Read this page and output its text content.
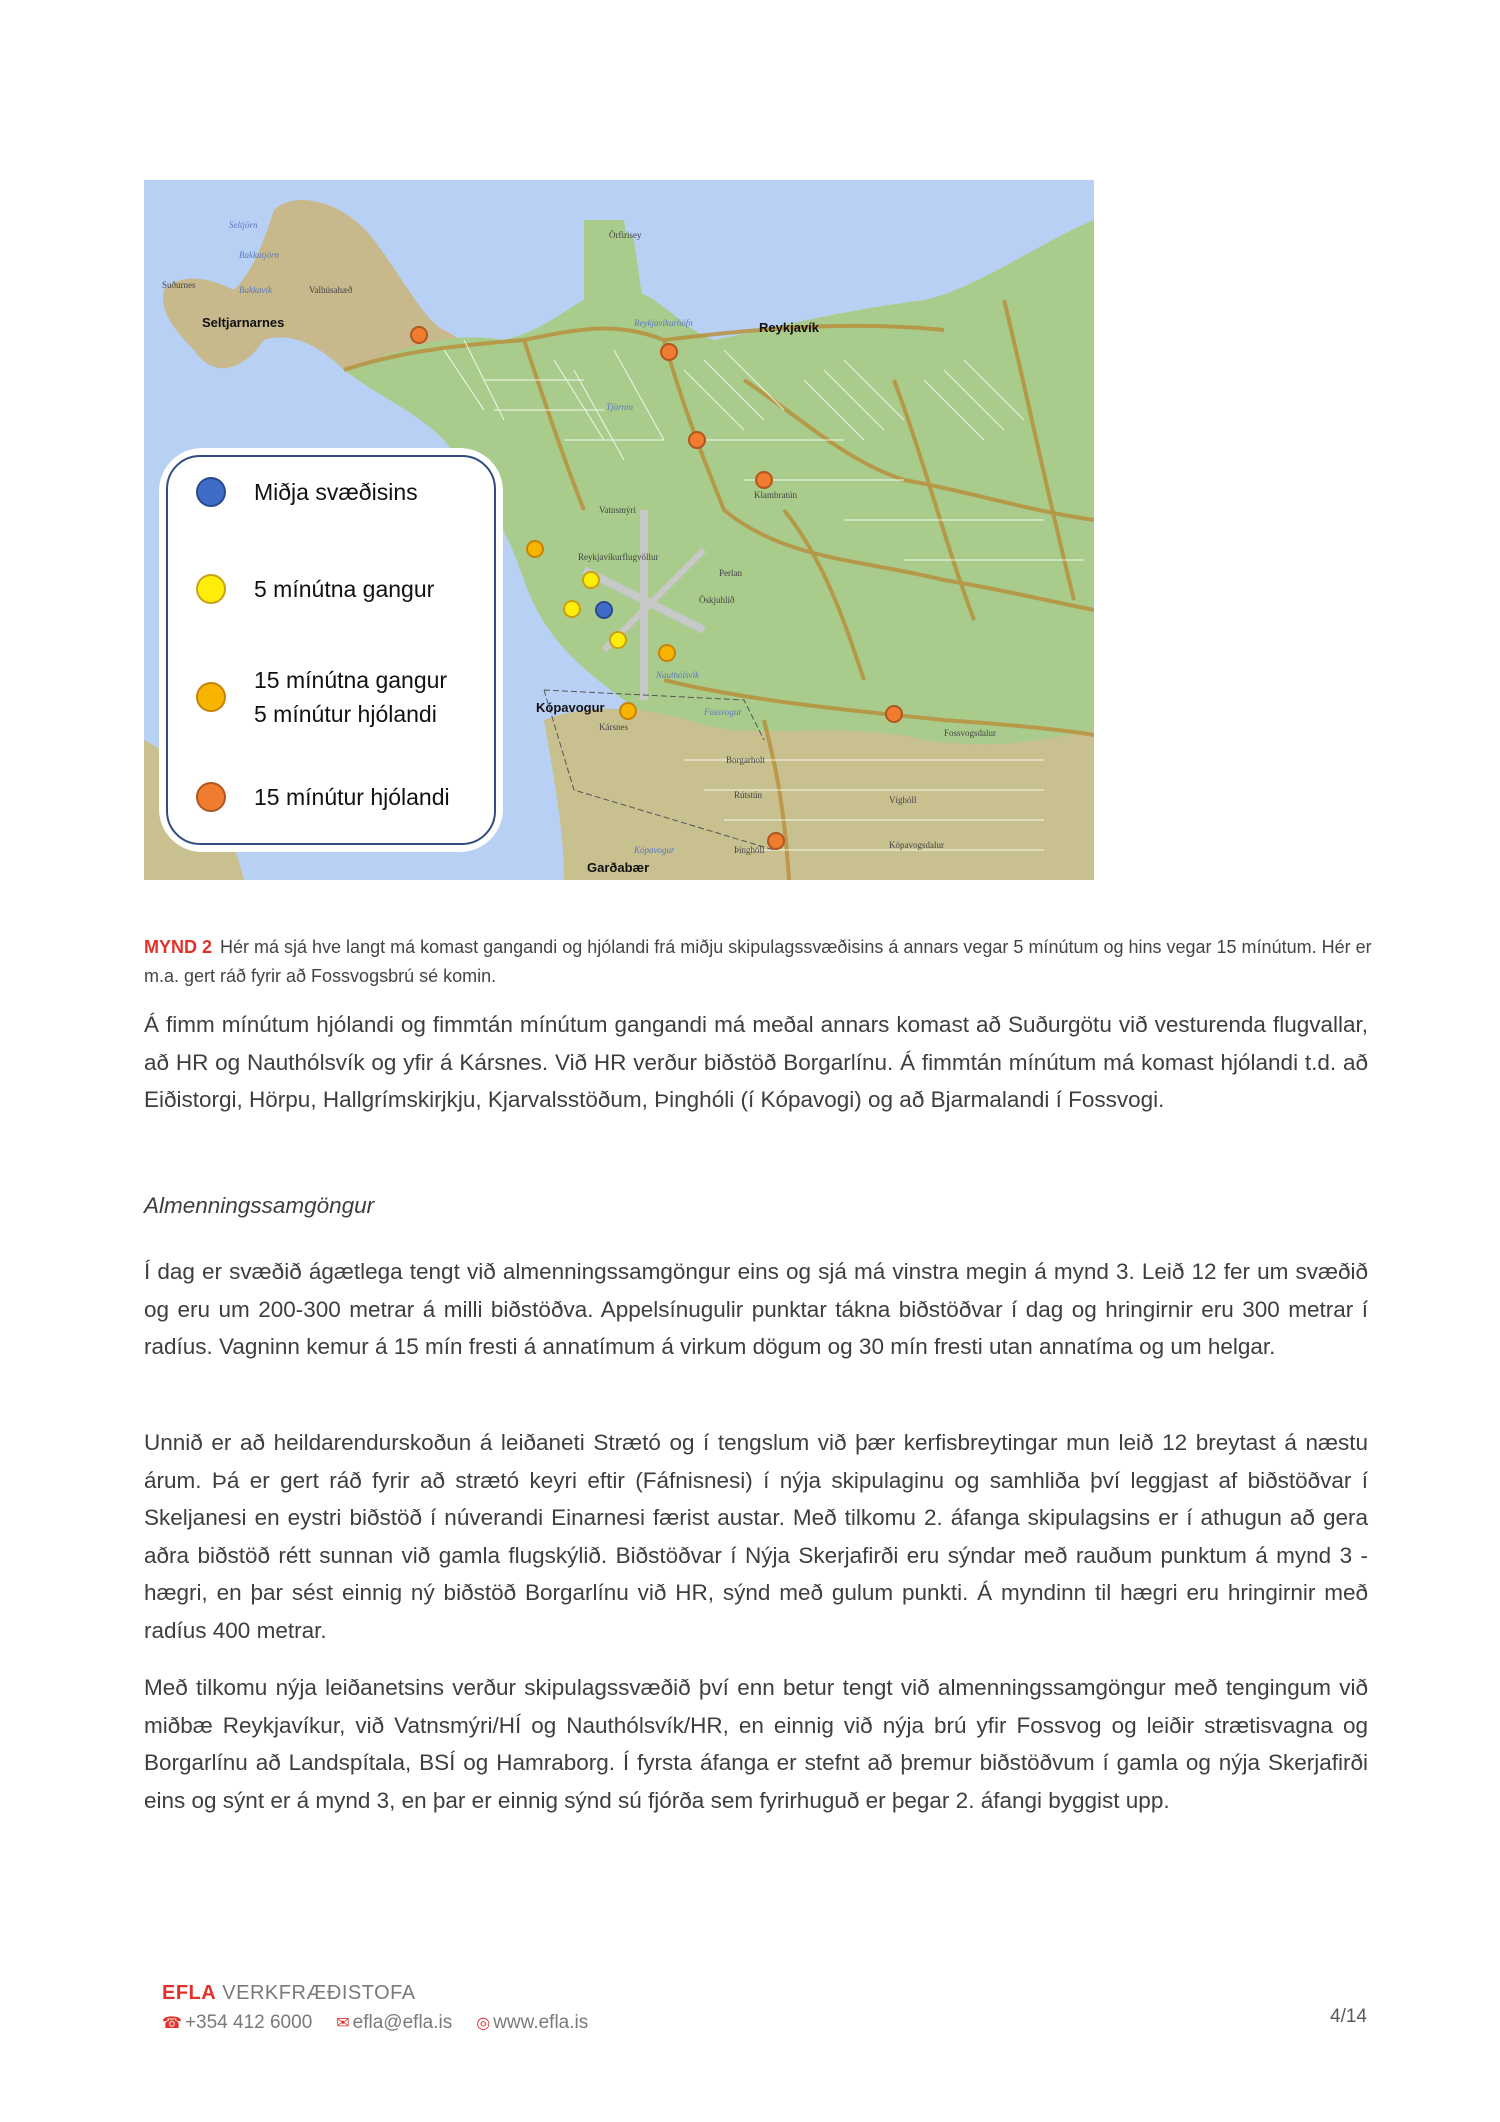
Seltjarnarnes	Reykjavík
Kópavogur
Garðabær
Suðurnes	Valhúsahæð
Örfirisey
Vatnsmýri
Reykjavíkurflugvöllur
Perlan
Öskjuhlíð
Klambratún
Kársnes
Borgarholt
Rútstún	Víghóll
Fossvogsdalur
Kópavogsdalur
Þinghóll
Seltjörn
Bakkatjörn
Bakkavík
Reykjavíkurhöfn
Tjörnin
Fossvogur
Nauthólsvík
Kópavogur
Miðja svæðisins
5 mínútna gangur
15 mínútna gangur
5 mínútur hjólandi
15 mínútur hjólandi
MYND 2 Hér má sjá hve langt má komast gangandi og hjólandi frá miðju skipulagssvæðisins á annars vegar 5 mínútum og hins vegar 15 mínútum. Hér er m.a. gert ráð fyrir að Fossvogsbrú sé komin.

Á fimm mínútum hjólandi og fimmtán mínútum gangandi má meðal annars komast að Suðurgötu við vesturenda flugvallar, að HR og Nauthólsvík og yfir á Kársnes. Við HR verður biðstöð Borgarlínu. Á fimmtán mínútum má komast hjólandi t.d. að Eiðistorgi, Hörpu, Hallgrímskirjkju, Kjarvalsstöðum, Þinghóli (í Kópavogi) og að Bjarmalandi í Fossvogi.

Almenningssamgöngur

Í dag er svæðið ágætlega tengt við almenningssamgöngur eins og sjá má vinstra megin á mynd 3. Leið 12 fer um svæðið og eru um 200-300 metrar á milli biðstöðva. Appelsínugulir punktar tákna biðstöðvar í dag og hringirnir eru 300 metrar í radíus. Vagninn kemur á 15 mín fresti á annatímum á virkum dögum og 30 mín fresti utan annatíma og um helgar.

Unnið er að heildarendurskoðun á leiðaneti Strætó og í tengslum við þær kerfisbreytingar mun leið 12 breytast á næstu árum. Þá er gert ráð fyrir að strætó keyri eftir (Fáfnisnesi) í nýja skipulaginu og samhliða því leggjast af biðstöðvar í Skeljanesi en eystri biðstöð í núverandi Einarnesi færist austar. Með tilkomu 2. áfanga skipulagsins er í athugun að gera aðra biðstöð rétt sunnan við gamla flugskýlið. Biðstöðvar í Nýja Skerjafirði eru sýndar með rauðum punktum á mynd 3 - hægri, en þar sést einnig ný biðstöð Borgarlínu við HR, sýnd með gulum punkti. Á myndinn til hægri eru hringirnir með radíus 400 metrar.

Með tilkomu nýja leiðanetsins verður skipulagssvæðið því enn betur tengt við almenningssamgöngur með tengingum við miðbæ Reykjavíkur, við Vatnsmýri/HÍ og Nauthólsvík/HR, en einnig við nýja brú yfir Fossvog og leiðir strætisvagna og Borgarlínu að Landspítala, BSÍ og Hamraborg. Í fyrsta áfanga er stefnt að þremur biðstöðvum í gamla og nýja Skerjafirði eins og sýnt er á mynd 3, en þar er einnig sýnd sú fjórða sem fyrirhuguð er þegar 2. áfangi byggist upp.

EFLA VERKFRÆÐISTOFA
☎ +354 412 6000 ✉ efla@efla.is ◎ www.efla.is	4/14
